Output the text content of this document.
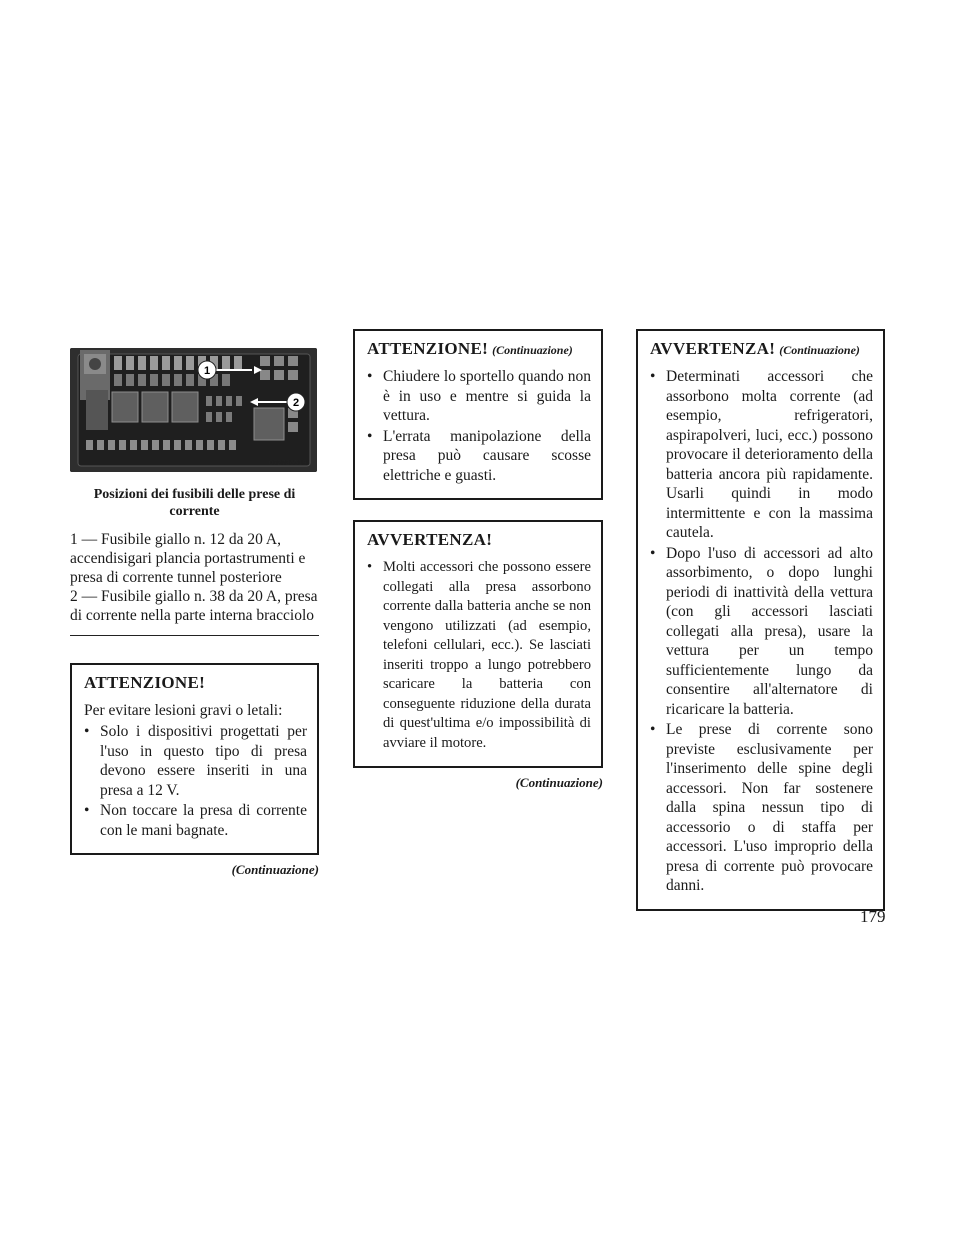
1
2
Posizioni dei fusibili delle prese di corrente

1 — Fusibile giallo n. 12 da 20 A, accendisigari plancia portastrumenti e presa di corrente tunnel posteriore

2 — Fusibile giallo n. 38 da 20 A, presa di corrente nella parte interna bracciolo

ATTENZIONE!

Per evitare lesioni gravi o letali:

• Solo i dispositivi progettati per l'uso in questo tipo di presa devono essere inseriti in una presa a 12 V.
• Non toccare la presa di corrente con le mani bagnate.
(Continuazione)
072736519
ATTENZIONE! (Continuazione)
• Chiudere lo sportello quando non è in uso e mentre si guida la vettura.
• L'errata manipolazione della presa può causare scosse elettriche e guasti.
AVVERTENZA!
• Molti accessori che possono essere collegati alla presa assorbono corrente dalla batteria anche se non vengono utilizzati (ad esempio, telefoni cellulari, ecc.). Se lasciati inseriti troppo a lungo potrebbero scaricare la batteria con conseguente riduzione della durata di quest'ultima e/o impossibilità di avviare il motore.
(Continuazione)
AVVERTENZA! (Continuazione)
• Determinati accessori che assorbono molta corrente (ad esempio, refrigeratori, aspirapolveri, luci, ecc.) possono provocare il deterioramento della batteria ancora più rapidamente. Usarli quindi in modo intermittente e con la massima cautela.
• Dopo l'uso di accessori ad alto assorbimento, o dopo lunghi periodi di inattività della vettura (con gli accessori lasciati collegati alla presa), usare la vettura per un tempo sufficientemente lungo da consentire all'alternatore di ricaricare la batteria.
• Le prese di corrente sono previste esclusivamente per l'inserimento delle spine degli accessori. Non far sostenere dalla spina nessun tipo di accessorio o di staffa per accessori. L'uso improprio della presa di corrente può provocare danni.
179
